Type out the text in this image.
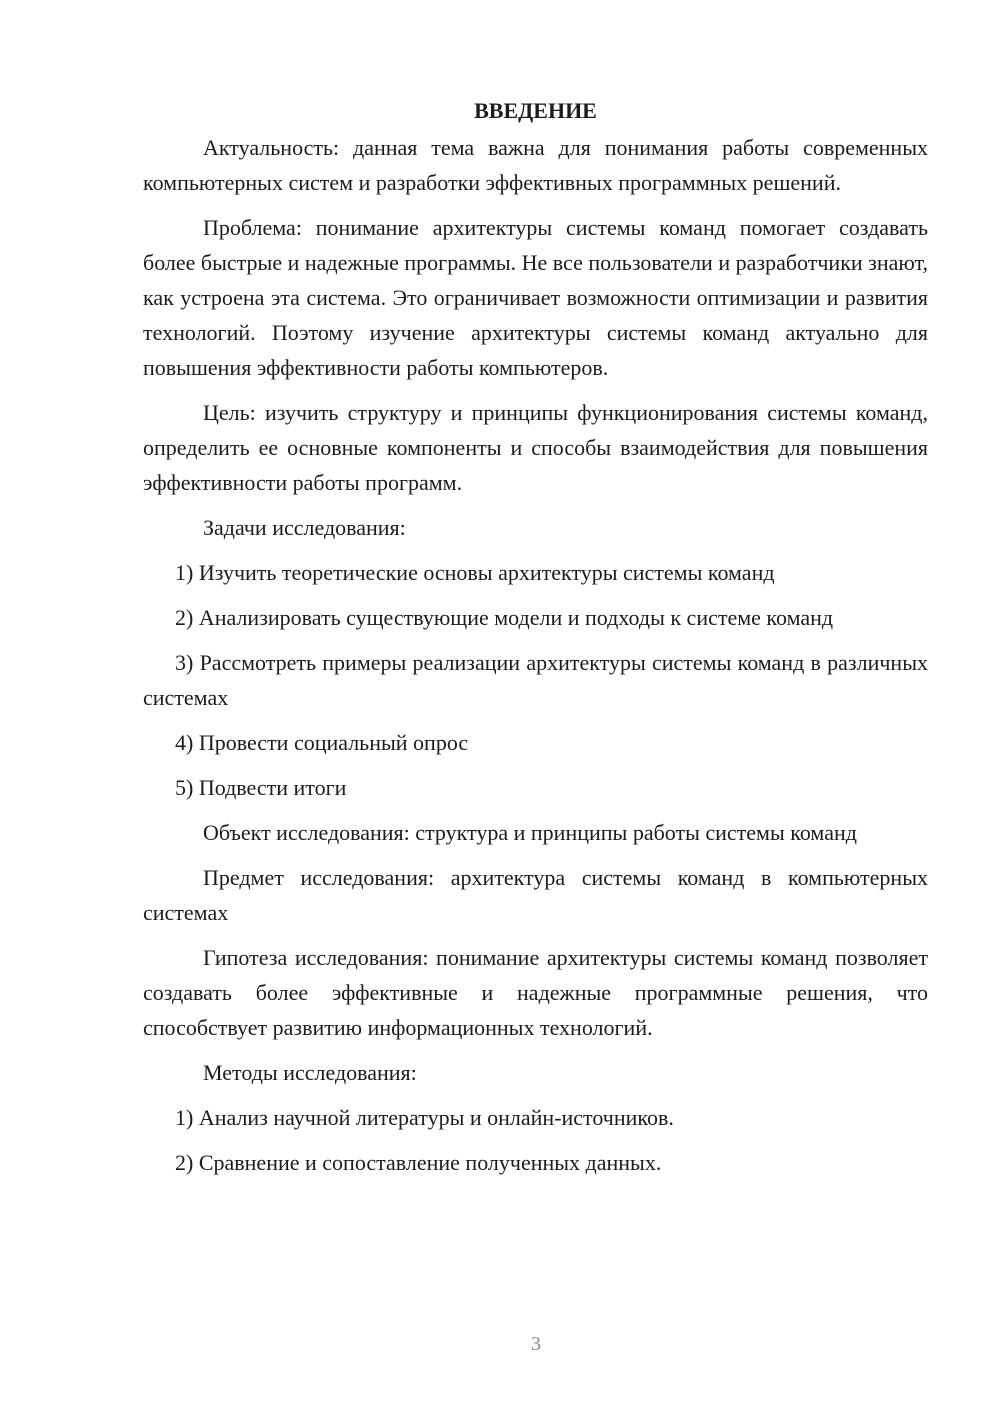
ВВЕДЕНИЕ

Актуальность: данная тема важна для понимания работы современных компьютерных систем и разработки эффективных программных решений.

Проблема: понимание архитектуры системы команд помогает создавать более быстрые и надежные программы. Не все пользователи и разработчики знают, как устроена эта система. Это ограничивает возможности оптимизации и развития технологий. Поэтому изучение архитектуры системы команд актуально для повышения эффективности работы компьютеров.

Цель: изучить структуру и принципы функционирования системы команд, определить ее основные компоненты и способы взаимодействия для повышения эффективности работы программ.

Задачи исследования:

1) Изучить теоретические основы архитектуры системы команд

2) Анализировать существующие модели и подходы к системе команд

3) Рассмотреть примеры реализации архитектуры системы команд в различных системах

4) Провести социальный опрос

5) Подвести итоги

Объект исследования: структура и принципы работы системы команд

Предмет исследования: архитектура системы команд в компьютерных системах

Гипотеза исследования: понимание архитектуры системы команд позволяет создавать более эффективные и надежные программные решения, что способствует развитию информационных технологий.

Методы исследования:

1) Анализ научной литературы и онлайн-источников.

2) Сравнение и сопоставление полученных данных.

3
